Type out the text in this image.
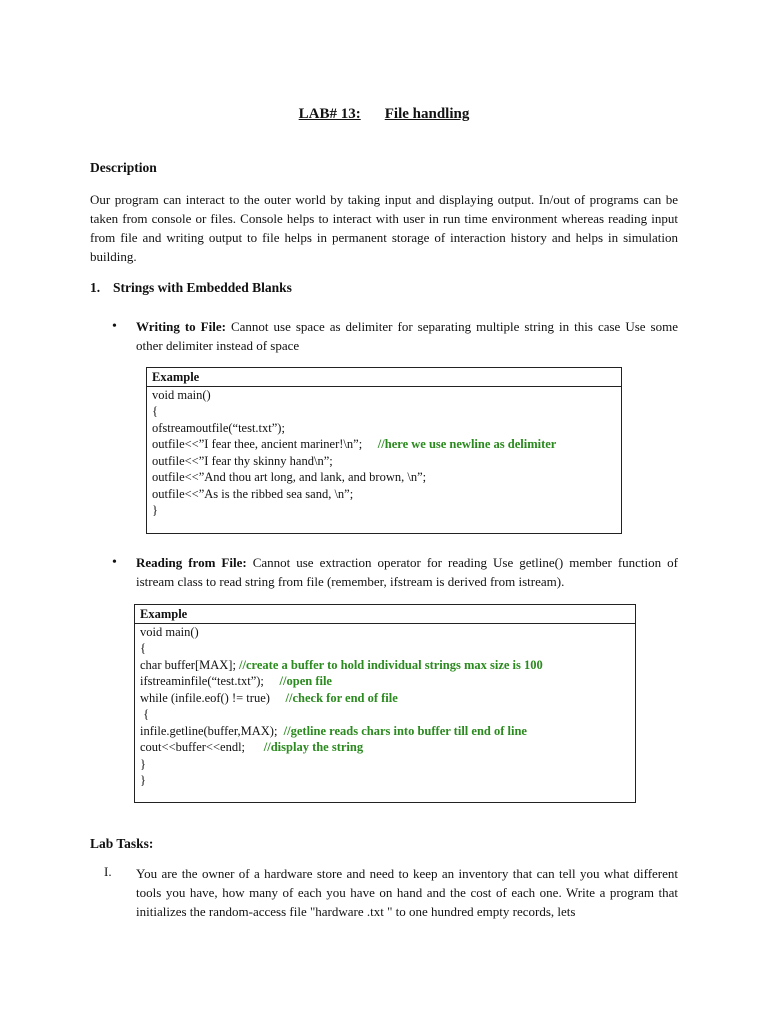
LAB# 13: File handling
Description

Our program can interact to the outer world by taking input and displaying output. In/out of programs can be taken from console or files. Console helps to interact with user in run time environment whereas reading input from file and writing output to file helps in permanent storage of interaction history and helps in simulation building.

1. Strings with Embedded Blanks
• Writing to File: Cannot use space as delimiter for separating multiple string in this case Use some other delimiter instead of space
Example
void main()
{
ofstreamoutfile(“test.txt”);
outfile<<”I fear thee, ancient mariner!\n”;     //here we use newline as delimiter
outfile<<”I fear thy skinny hand\n”;
outfile<<”And thou art long, and lank, and brown, \n”;
outfile<<”As is the ribbed sea sand, \n”;
}
• Reading from File: Cannot use extraction operator for reading Use getline() member function of istream class to read string from file (remember, ifstream is derived from istream).
Example
void main()
{
char buffer[MAX]; //create a buffer to hold individual strings max size is 100
ifstreaminfile(“test.txt”);     //open file
while (infile.eof() != true)     //check for end of file
{
infile.getline(buffer,MAX);  //getline reads chars into buffer till end of line
cout<<buffer<<endl;      //display the string
}
}
Lab Tasks:
I. You are the owner of a hardware store and need to keep an inventory that can tell you what different tools you have, how many of each you have on hand and the cost of each one. Write a program that initializes the random-access file "hardware .txt " to one hundred empty records, lets
